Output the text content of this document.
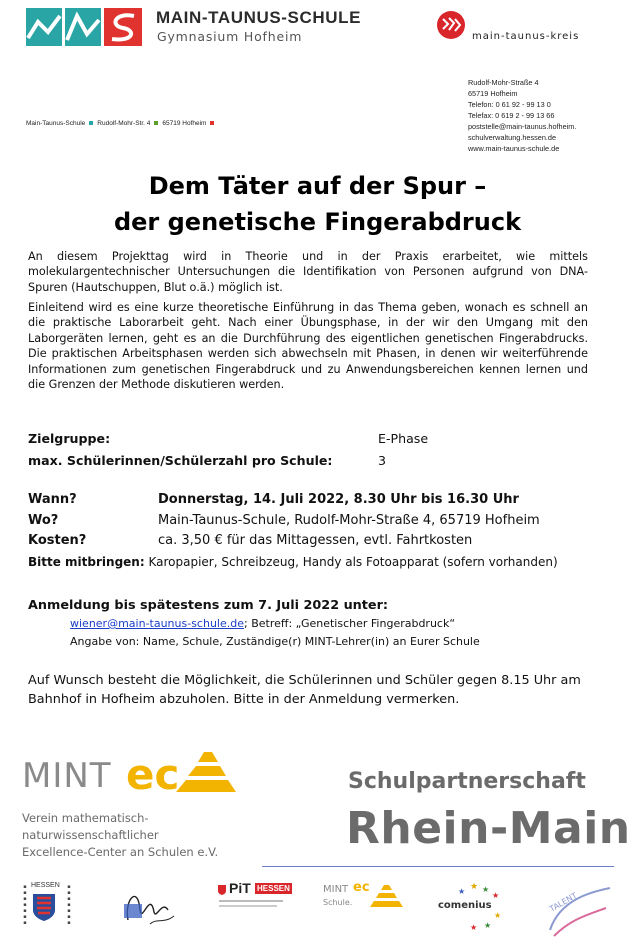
MAIN-TAUNUS-SCHULE
Gymnasium Hofheim	main-taunus-kreis
Main-Taunus-Schule Rudolf-Mohr-Str. 4 65719 Hofheim
Rudolf-Mohr-Straße 4
65719 Hofheim
Telefon: 0 61 92 - 99 13 0
Telefax: 0 619 2 - 99 13 66
poststelle@main-taunus.hofheim.
schulverwaltung.hessen.de
www.main-taunus-schule.de
Dem Täter auf der Spur –
der genetische Fingerabdruck
An diesem Projekttag wird in Theorie und in der Praxis erarbeitet, wie mittels molekulargentechnischer Untersuchungen die Identifikation von Personen aufgrund von DNA-Spuren (Hautschuppen, Blut o.ä.) möglich ist.
Einleitend wird es eine kurze theoretische Einführung in das Thema geben, wonach es schnell an die praktische Laborarbeit geht. Nach einer Übungsphase, in der wir den Umgang mit den Laborgeräten lernen, geht es an die Durchführung des eigentlichen genetischen Fingerabdrucks. Die praktischen Arbeitsphasen werden sich abwechseln mit Phasen, in denen wir weiterführende Informationen zum genetischen Fingerabdruck und zu Anwendungsbereichen kennen lernen und die Grenzen der Methode diskutieren werden.
Zielgruppe:	E-Phase
max. Schülerinnen/Schülerzahl pro Schule:	3
Wann?	Donnerstag, 14. Juli 2022, 8.30 Uhr bis 16.30 Uhr
Wo?	Main-Taunus-Schule, Rudolf-Mohr-Straße 4, 65719 Hofheim
Kosten?	ca. 3,50 € für das Mittagessen, evtl. Fahrtkosten
Bitte mitbringen: Karopapier, Schreibzeug, Handy als Fotoapparat (sofern vorhanden)
Anmeldung bis spätestens zum 7. Juli 2022 unter:
wiener@main-taunus-schule.de; Betreff: „Genetischer Fingerabdruck“
Angabe von: Name, Schule, Zuständige(r) MINT-Lehrer(in) an Eurer Schule
Auf Wunsch besteht die Möglichkeit, die Schülerinnen und Schüler gegen 8.15 Uhr am Bahnhof in Hofheim abzuholen. Bitte in der Anmeldung vermerken.
MINT ec
Verein mathematisch-
naturwissenschaftlicher
Excellence-Center an Schulen e.V.
Schulpartnerschaft
Rhein-Main
▪▪▪▪▪▪▪ HESSEN	▪▪▪▪▪▪▪	PiT HESSEN	MINT ec
Schule.
★ ★
★
★
★
★
★
comenius	TALENT
